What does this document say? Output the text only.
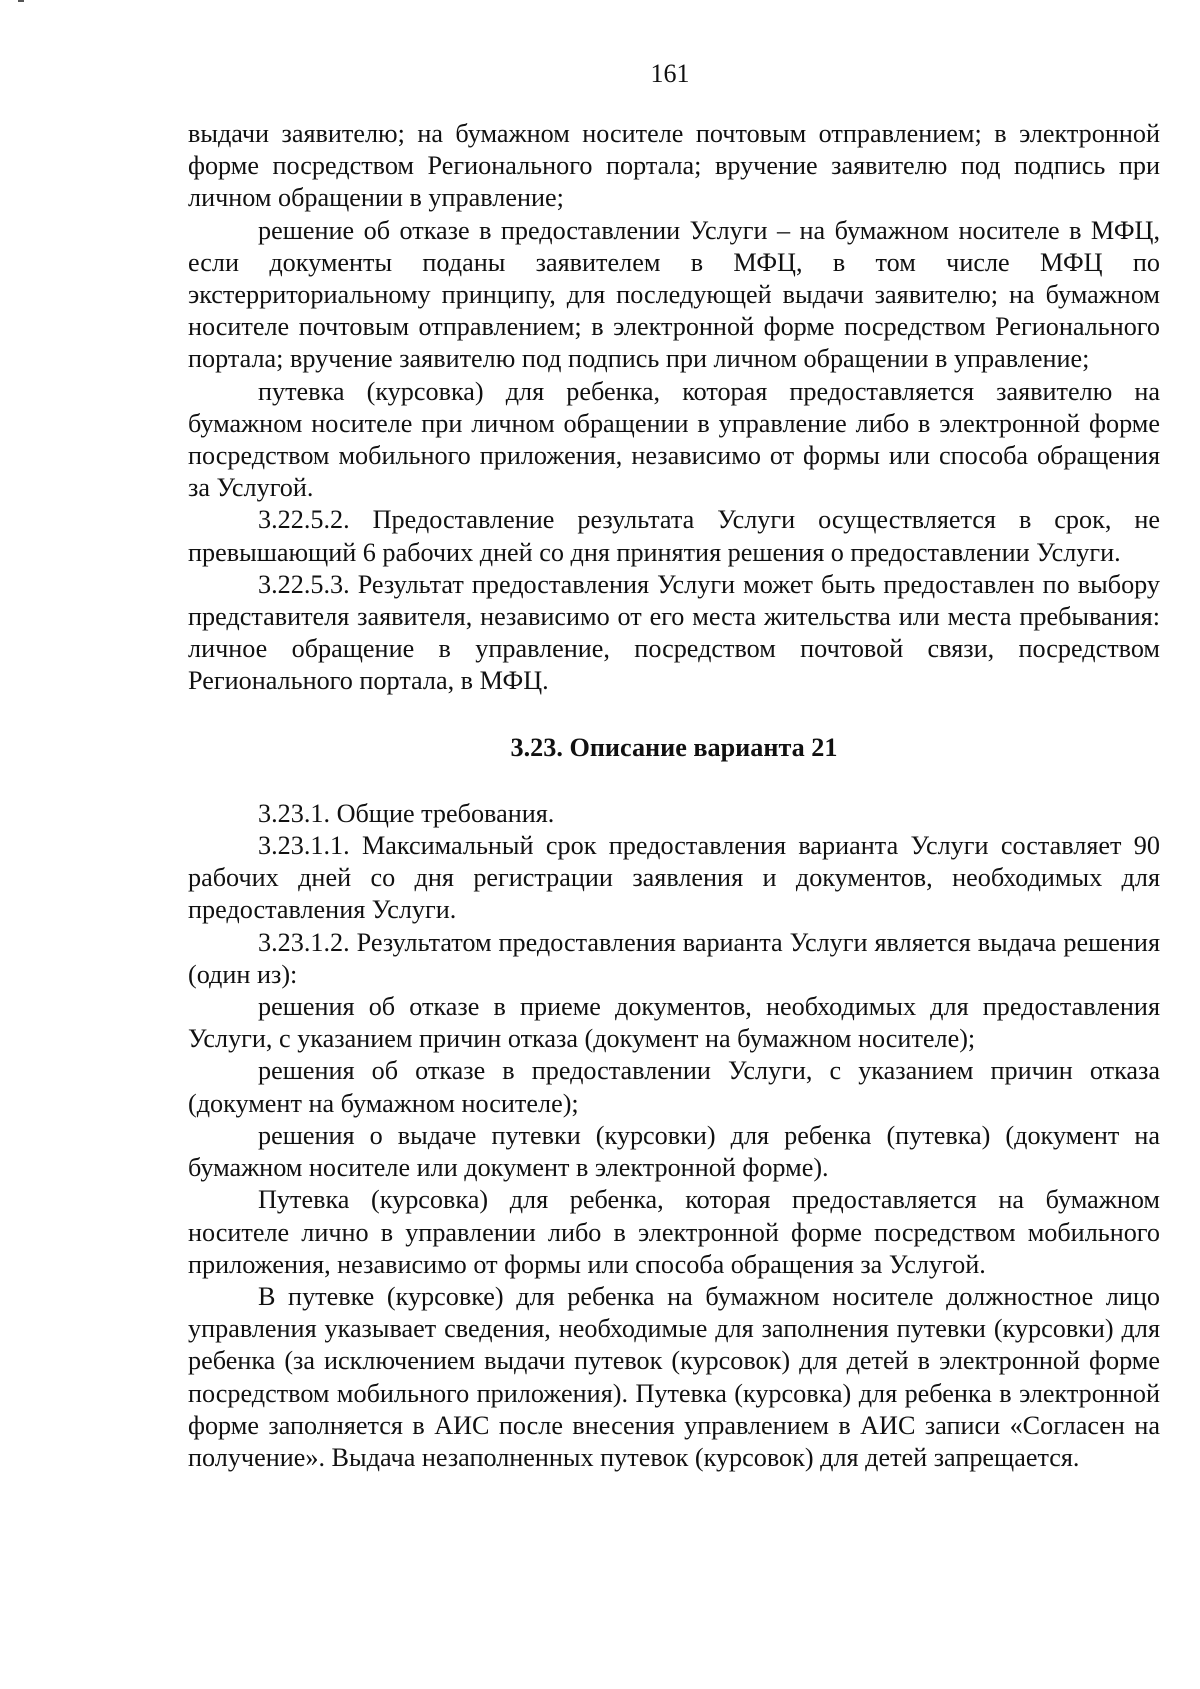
161

выдачи заявителю; на бумажном носителе почтовым отправлением; в электронной форме посредством Регионального портала; вручение заявителю под подпись при личном обращении в управление;

решение об отказе в предоставлении Услуги – на бумажном носителе в МФЦ, если документы поданы заявителем в МФЦ, в том числе МФЦ по экстерриториальному принципу, для последующей выдачи заявителю; на бумажном носителе почтовым отправлением; в электронной форме посредством Регионального портала; вручение заявителю под подпись при личном обращении в управление;

путевка (курсовка) для ребенка, которая предоставляется заявителю на бумажном носителе при личном обращении в управление либо в электронной форме посредством мобильного приложения, независимо от формы или способа обращения за Услугой.

3.22.5.2. Предоставление результата Услуги осуществляется в срок, не превышающий 6 рабочих дней со дня принятия решения о предоставлении Услуги.

3.22.5.3. Результат предоставления Услуги может быть предоставлен по выбору представителя заявителя, независимо от его места жительства или места пребывания: личное обращение в управление, посредством почтовой связи, посредством Регионального портала, в МФЦ.

3.23. Описание варианта 21

3.23.1. Общие требования.

3.23.1.1. Максимальный срок предоставления варианта Услуги составляет 90 рабочих дней со дня регистрации заявления и документов, необходимых для предоставления Услуги.

3.23.1.2. Результатом предоставления варианта Услуги является выдача решения (один из):

решения об отказе в приеме документов, необходимых для предоставления Услуги, с указанием причин отказа (документ на бумажном носителе);

решения об отказе в предоставлении Услуги, с указанием причин отказа (документ на бумажном носителе);

решения о выдаче путевки (курсовки) для ребенка (путевка) (документ на бумажном носителе или документ в электронной форме).

Путевка (курсовка) для ребенка, которая предоставляется на бумажном носителе лично в управлении либо в электронной форме посредством мобильного приложения, независимо от формы или способа обращения за Услугой.

В путевке (курсовке) для ребенка на бумажном носителе должностное лицо управления указывает сведения, необходимые для заполнения путевки (курсовки) для ребенка (за исключением выдачи путевок (курсовок) для детей в электронной форме посредством мобильного приложения). Путевка (курсовка) для ребенка в электронной форме заполняется в АИС после внесения управлением в АИС записи «Согласен на получение». Выдача незаполненных путевок (курсовок) для детей запрещается.
